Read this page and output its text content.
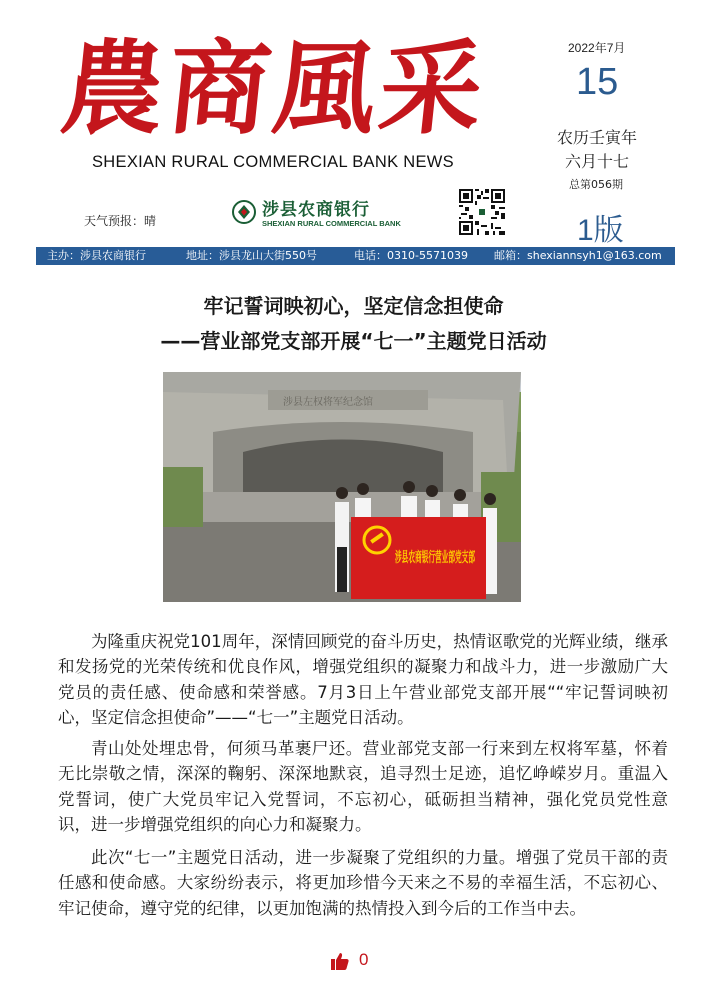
農商風采
SHEXIAN RURAL COMMERCIAL BANK NEWS
2022年7月
15
农历壬寅年
六月十七
总第056期
1版
天气预报：晴
涉县农商银行
SHEXIAN RURAL COMMERCIAL BANK
主办：涉县农商银行	地址：涉县龙山大街550号	电话：0310-5571039 邮箱：shexiannsyh1@163.com
牢记誓词映初心，坚定信念担使命
——营业部党支部开展“七一”主题党日活动
涉县左权将军纪念馆

为隆重庆祝党101周年，深情回顾党的奋斗历史，热情讴歌党的光辉业绩，继承和发扬党的光荣传统和优良作风，增强党组织的凝聚力和战斗力，进一步激励广大党员的责任感、使命感和荣誉感。7月3日上午营业部党支部开展““牢记誓词映初心，坚定信念担使命”——“七一”主题党日活动。

青山处处埋忠骨，何须马革裹尸还。营业部党支部一行来到左权将军墓，怀着无比崇敬之情，深深的鞠躬、深深地默哀，追寻烈士足迹，追忆峥嵘岁月。重温入党誓词，使广大党员牢记入党誓词，不忘初心，砥砺担当精神，强化党员党性意识，进一步增强党组织的向心力和凝聚力。

此次“七一”主题党日活动，进一步凝聚了党组织的力量。增强了党员干部的责任感和使命感。大家纷纷表示，将更加珍惜今天来之不易的幸福生活，不忘初心、牢记使命，遵守党的纪律，以更加饱满的热情投入到今后的工作当中去。

0
